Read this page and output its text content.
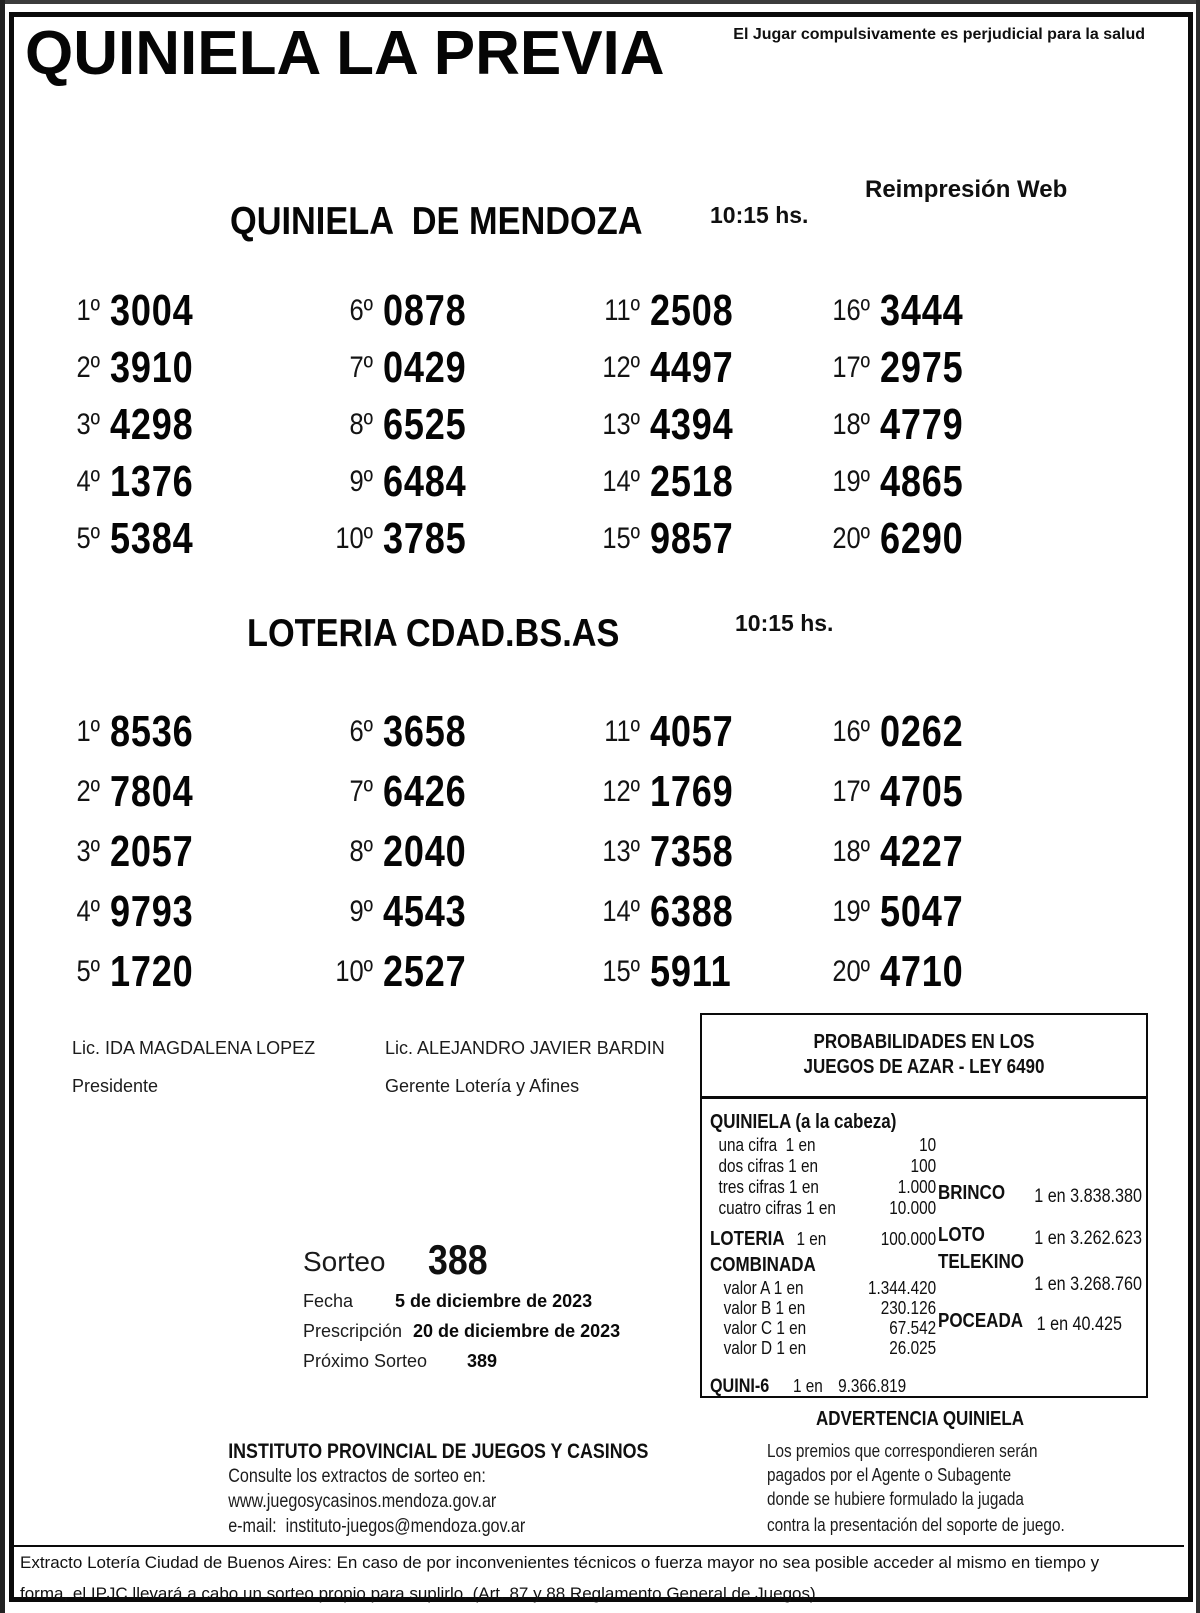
QUINIELA LA PREVIA	El Jugar compulsivamente es perjudicial para la salud
Reimpresión Web
QUINIELA  DE MENDOZA	10:15 hs.
1º 3004
2º 3910
3º 4298
4º 1376
5º 5384
6º 0878
7º 0429
8º 6525
9º 6484
10º 3785
11º 2508
12º 4497
13º 4394
14º 2518
15º 9857
16º 3444
17º 2975
18º 4779
19º 4865
20º 6290
LOTERIA CDAD.BS.AS	10:15 hs.
1º 8536
2º 7804
3º 2057
4º 9793
5º 1720
6º 3658
7º 6426
8º 2040
9º 4543
10º 2527
11º 4057
12º 1769
13º 7358
14º 6388
15º 5911
16º 0262
17º 4705
18º 4227
19º 5047
20º 4710
Lic. IDA MAGDALENA LOPEZ
Presidente
Lic. ALEJANDRO JAVIER BARDIN
Gerente Lotería y Afines
Sorteo 388
Fecha 5 de diciembre de 2023
Prescripción 20 de diciembre de 2023
Próximo Sorteo 389
PROBABILIDADES EN LOS
JUEGOS DE AZAR - LEY 6490
QUINIELA (a la cabeza)
una cifra  1 en	10
dos cifras 1 en	100
tres cifras 1 en	1.000
cuatro cifras 1 en	10.000
LOTERIA 1 en	100.000
COMBINADA
valor A 1 en	1.344.420
valor B 1 en	230.126
valor C 1 en	67.542
valor D 1 en	26.025
QUINI-6 1 en 9.366.819
BRINCO 1 en 3.838.380
LOTO	1 en 3.262.623
TELEKINO
1 en 3.268.760
POCEADA 1 en 40.425
ADVERTENCIA QUINIELA
Los premios que correspondieren serán
pagados por el Agente o Subagente
donde se hubiere formulado la jugada
contra la presentación del soporte de juego.
INSTITUTO PROVINCIAL DE JUEGOS Y CASINOS
Consulte los extractos de sorteo en:
www.juegosycasinos.mendoza.gov.ar
e-mail:  instituto-juegos@mendoza.gov.ar
Extracto Lotería Ciudad de Buenos Aires: En caso de por inconvenientes técnicos o fuerza mayor no sea posible acceder al mismo en tiempo y
forma, el IPJC llevará a cabo un sorteo propio para suplirlo. (Art. 87 y 88 Reglamento General de Juegos)
